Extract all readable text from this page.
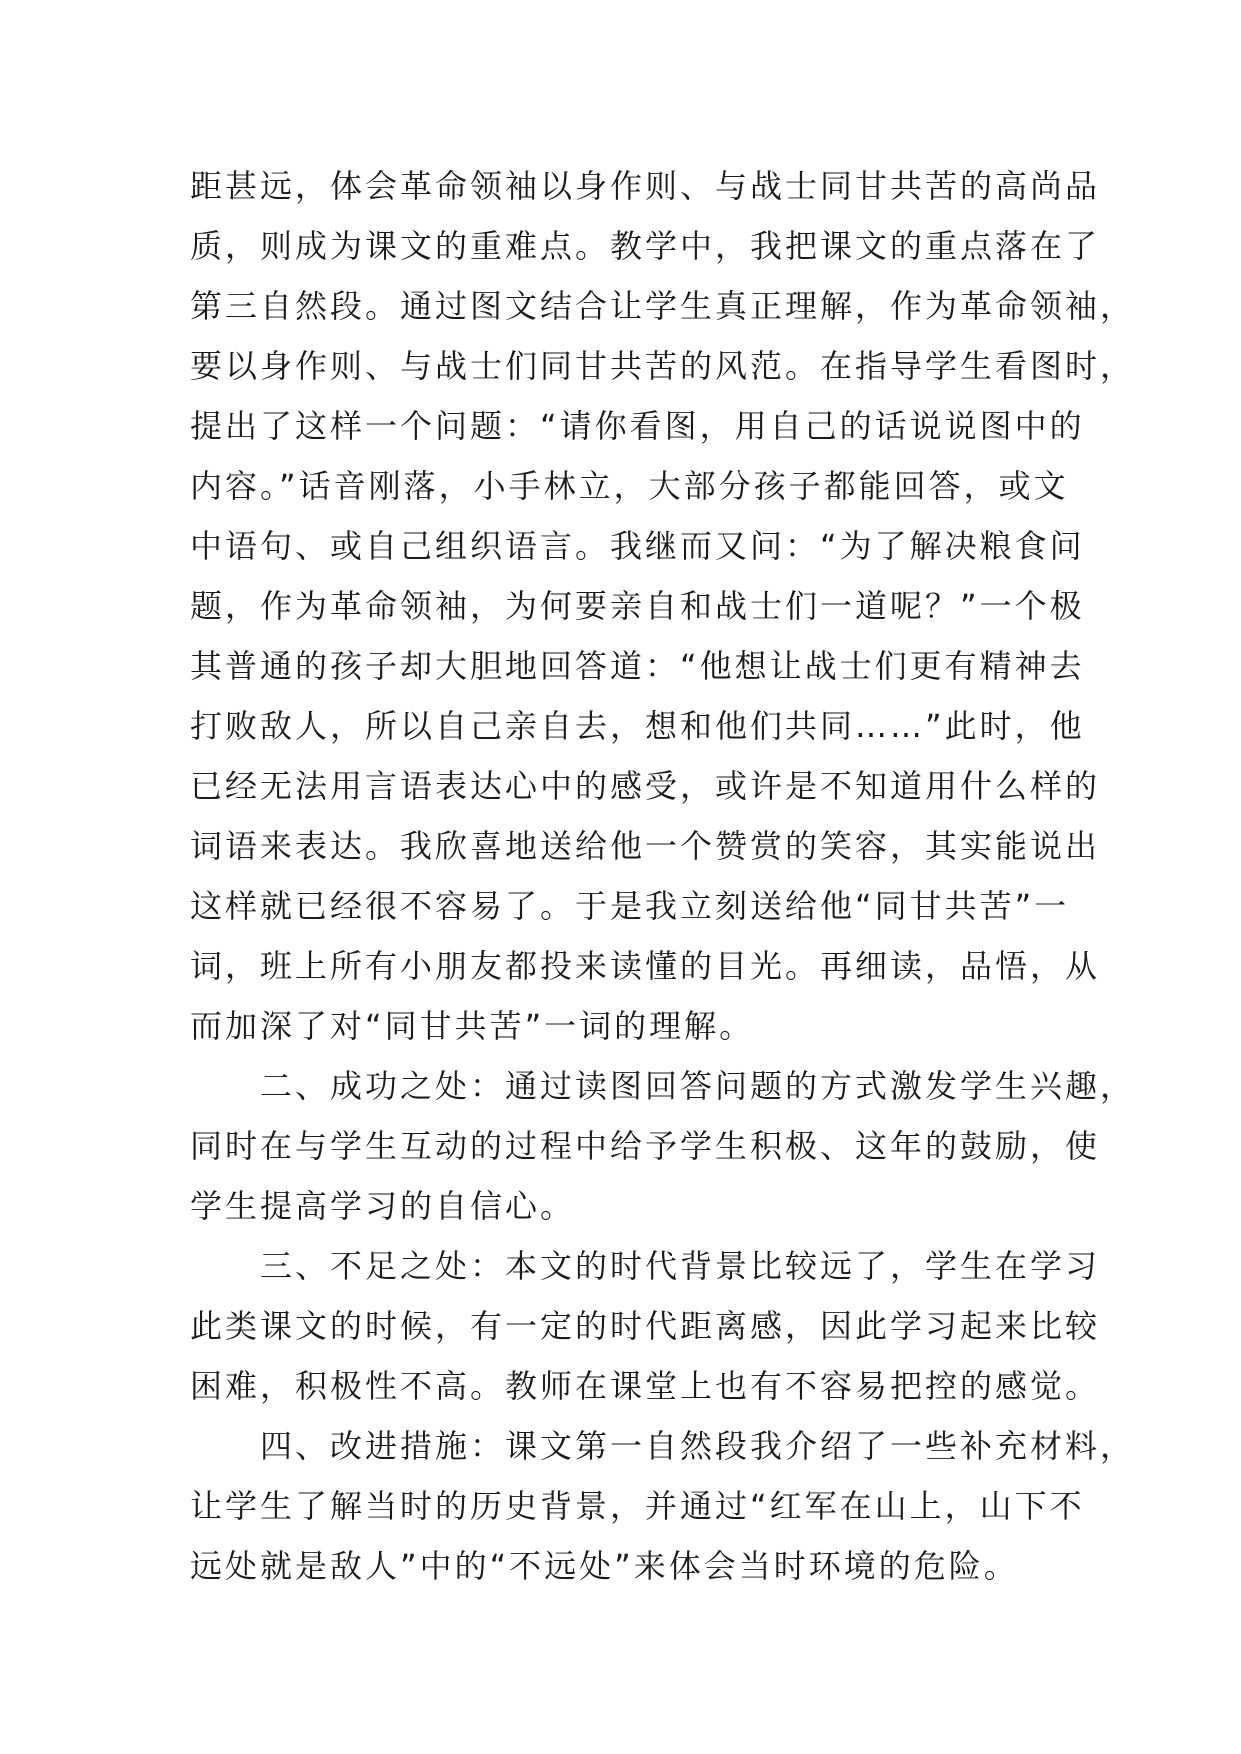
距甚远，体会革命领袖以身作则、与战士同甘共苦的高尚品
质，则成为课文的重难点。教学中，我把课文的重点落在了
第三自然段。通过图文结合让学生真正理解，作为革命领袖，
要以身作则、与战士们同甘共苦的风范。在指导学生看图时，
提出了这样一个问题：“请你看图，用自己的话说说图中的
内容。”话音刚落，小手林立，大部分孩子都能回答，或文
中语句、或自己组织语言。我继而又问：“为了解决粮食问
题，作为革命领袖，为何要亲自和战士们一道呢？”一个极
其普通的孩子却大胆地回答道：“他想让战士们更有精神去
打败敌人，所以自己亲自去，想和他们共同……”此时，他
已经无法用言语表达心中的感受，或许是不知道用什么样的
词语来表达。我欣喜地送给他一个赞赏的笑容，其实能说出
这样就已经很不容易了。于是我立刻送给他“同甘共苦”一
词，班上所有小朋友都投来读懂的目光。再细读，品悟，从
而加深了对“同甘共苦”一词的理解。
　　二、成功之处：通过读图回答问题的方式激发学生兴趣，
同时在与学生互动的过程中给予学生积极、这年的鼓励，使
学生提高学习的自信心。
　　三、不足之处：本文的时代背景比较远了，学生在学习
此类课文的时候，有一定的时代距离感，因此学习起来比较
困难，积极性不高。教师在课堂上也有不容易把控的感觉。
　　四、改进措施：课文第一自然段我介绍了一些补充材料，
让学生了解当时的历史背景，并通过“红军在山上，山下不
远处就是敌人”中的“不远处”来体会当时环境的危险。
